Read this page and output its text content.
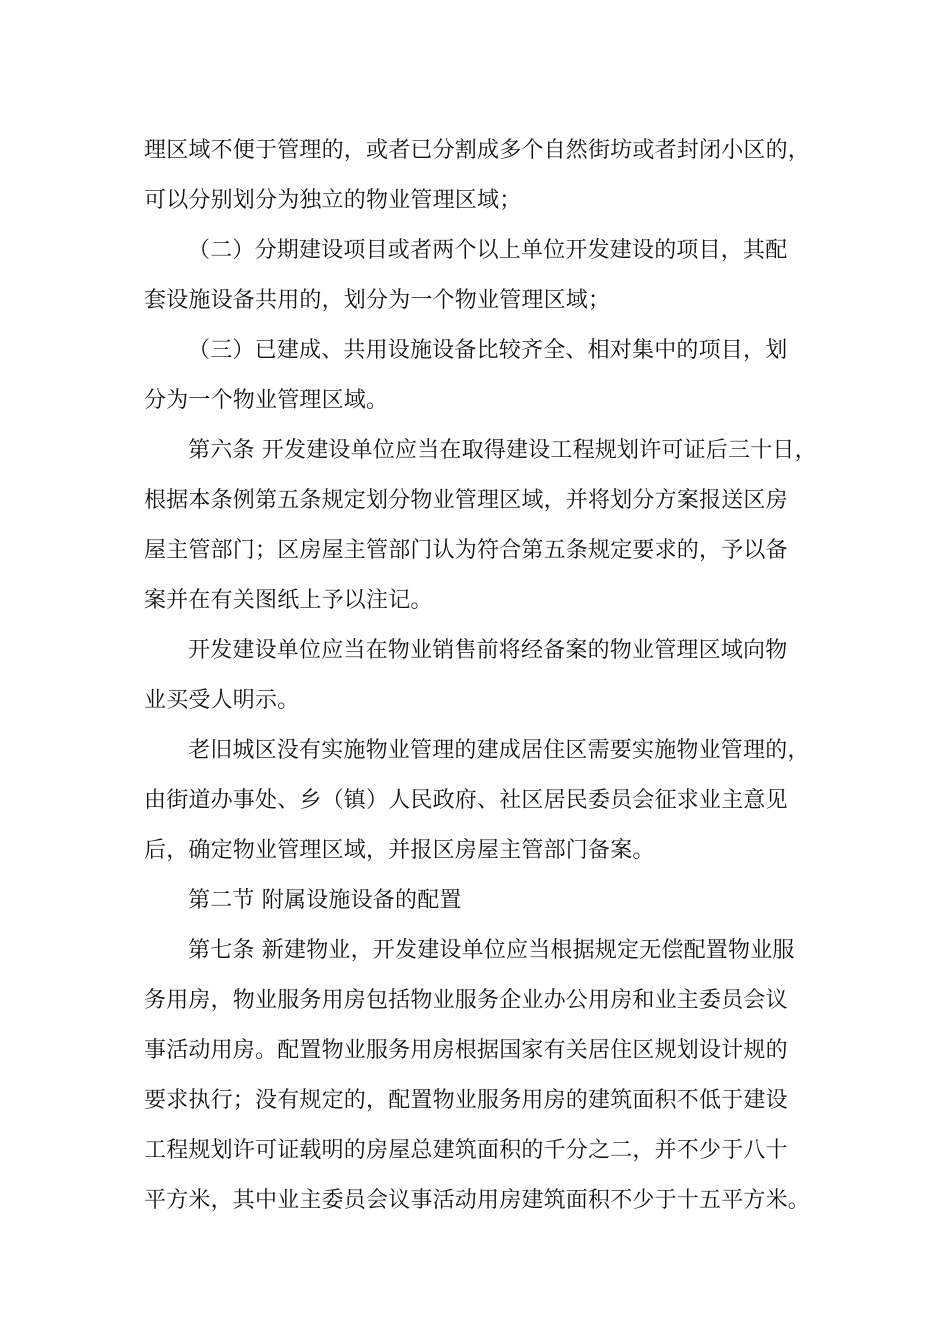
理区域不便于管理的，或者已分割成多个自然街坊或者封闭小区的，
可以分别划分为独立的物业管理区域；
（二）分期建设项目或者两个以上单位开发建设的项目，其配
套设施设备共用的，划分为一个物业管理区域；
（三）已建成、共用设施设备比较齐全、相对集中的项目，划
分为一个物业管理区域。
第六条 开发建设单位应当在取得建设工程规划许可证后三十日，
根据本条例第五条规定划分物业管理区域，并将划分方案报送区房
屋主管部门；区房屋主管部门认为符合第五条规定要求的，予以备
案并在有关图纸上予以注记。
开发建设单位应当在物业销售前将经备案的物业管理区域向物
业买受人明示。
老旧城区没有实施物业管理的建成居住区需要实施物业管理的，
由街道办事处、乡（镇）人民政府、社区居民委员会征求业主意见
后，确定物业管理区域，并报区房屋主管部门备案。
第二节 附属设施设备的配置
第七条 新建物业，开发建设单位应当根据规定无偿配置物业服
务用房，物业服务用房包括物业服务企业办公用房和业主委员会议
事活动用房。配置物业服务用房根据国家有关居住区规划设计规的
要求执行；没有规定的，配置物业服务用房的建筑面积不低于建设
工程规划许可证载明的房屋总建筑面积的千分之二，并不少于八十
平方米，其中业主委员会议事活动用房建筑面积不少于十五平方米。
